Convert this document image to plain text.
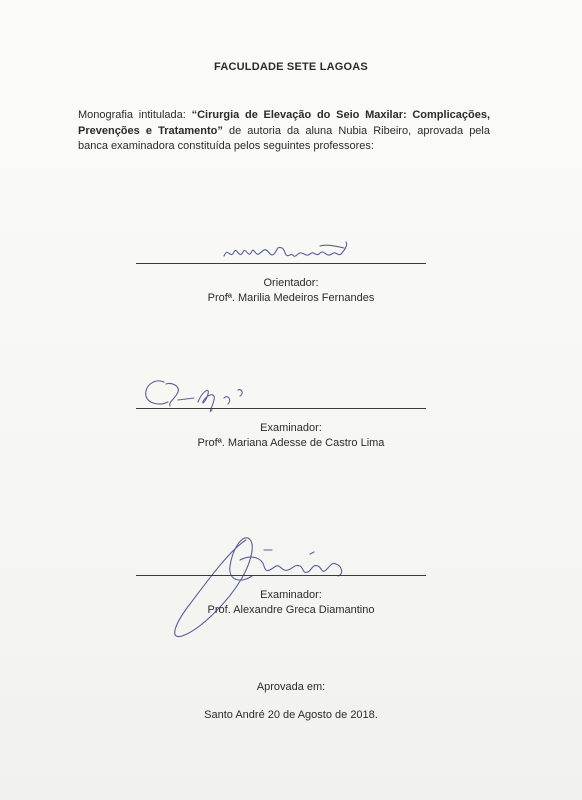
FACULDADE SETE LAGOAS
Monografia intitulada: “Cirurgia de Elevação do Seio Maxilar: Complicações, Prevenções e Tratamento” de autoria da aluna Nubia Ribeiro, aprovada pela banca examinadora constituída pelos seguintes professores:
Orientador:
Profª. Marilia Medeiros Fernandes
Examinador:
Profª. Mariana Adesse de Castro Lima
Examinador:
Prof. Alexandre Greca Diamantino
Aprovada em:
Santo André 20 de Agosto de 2018.
